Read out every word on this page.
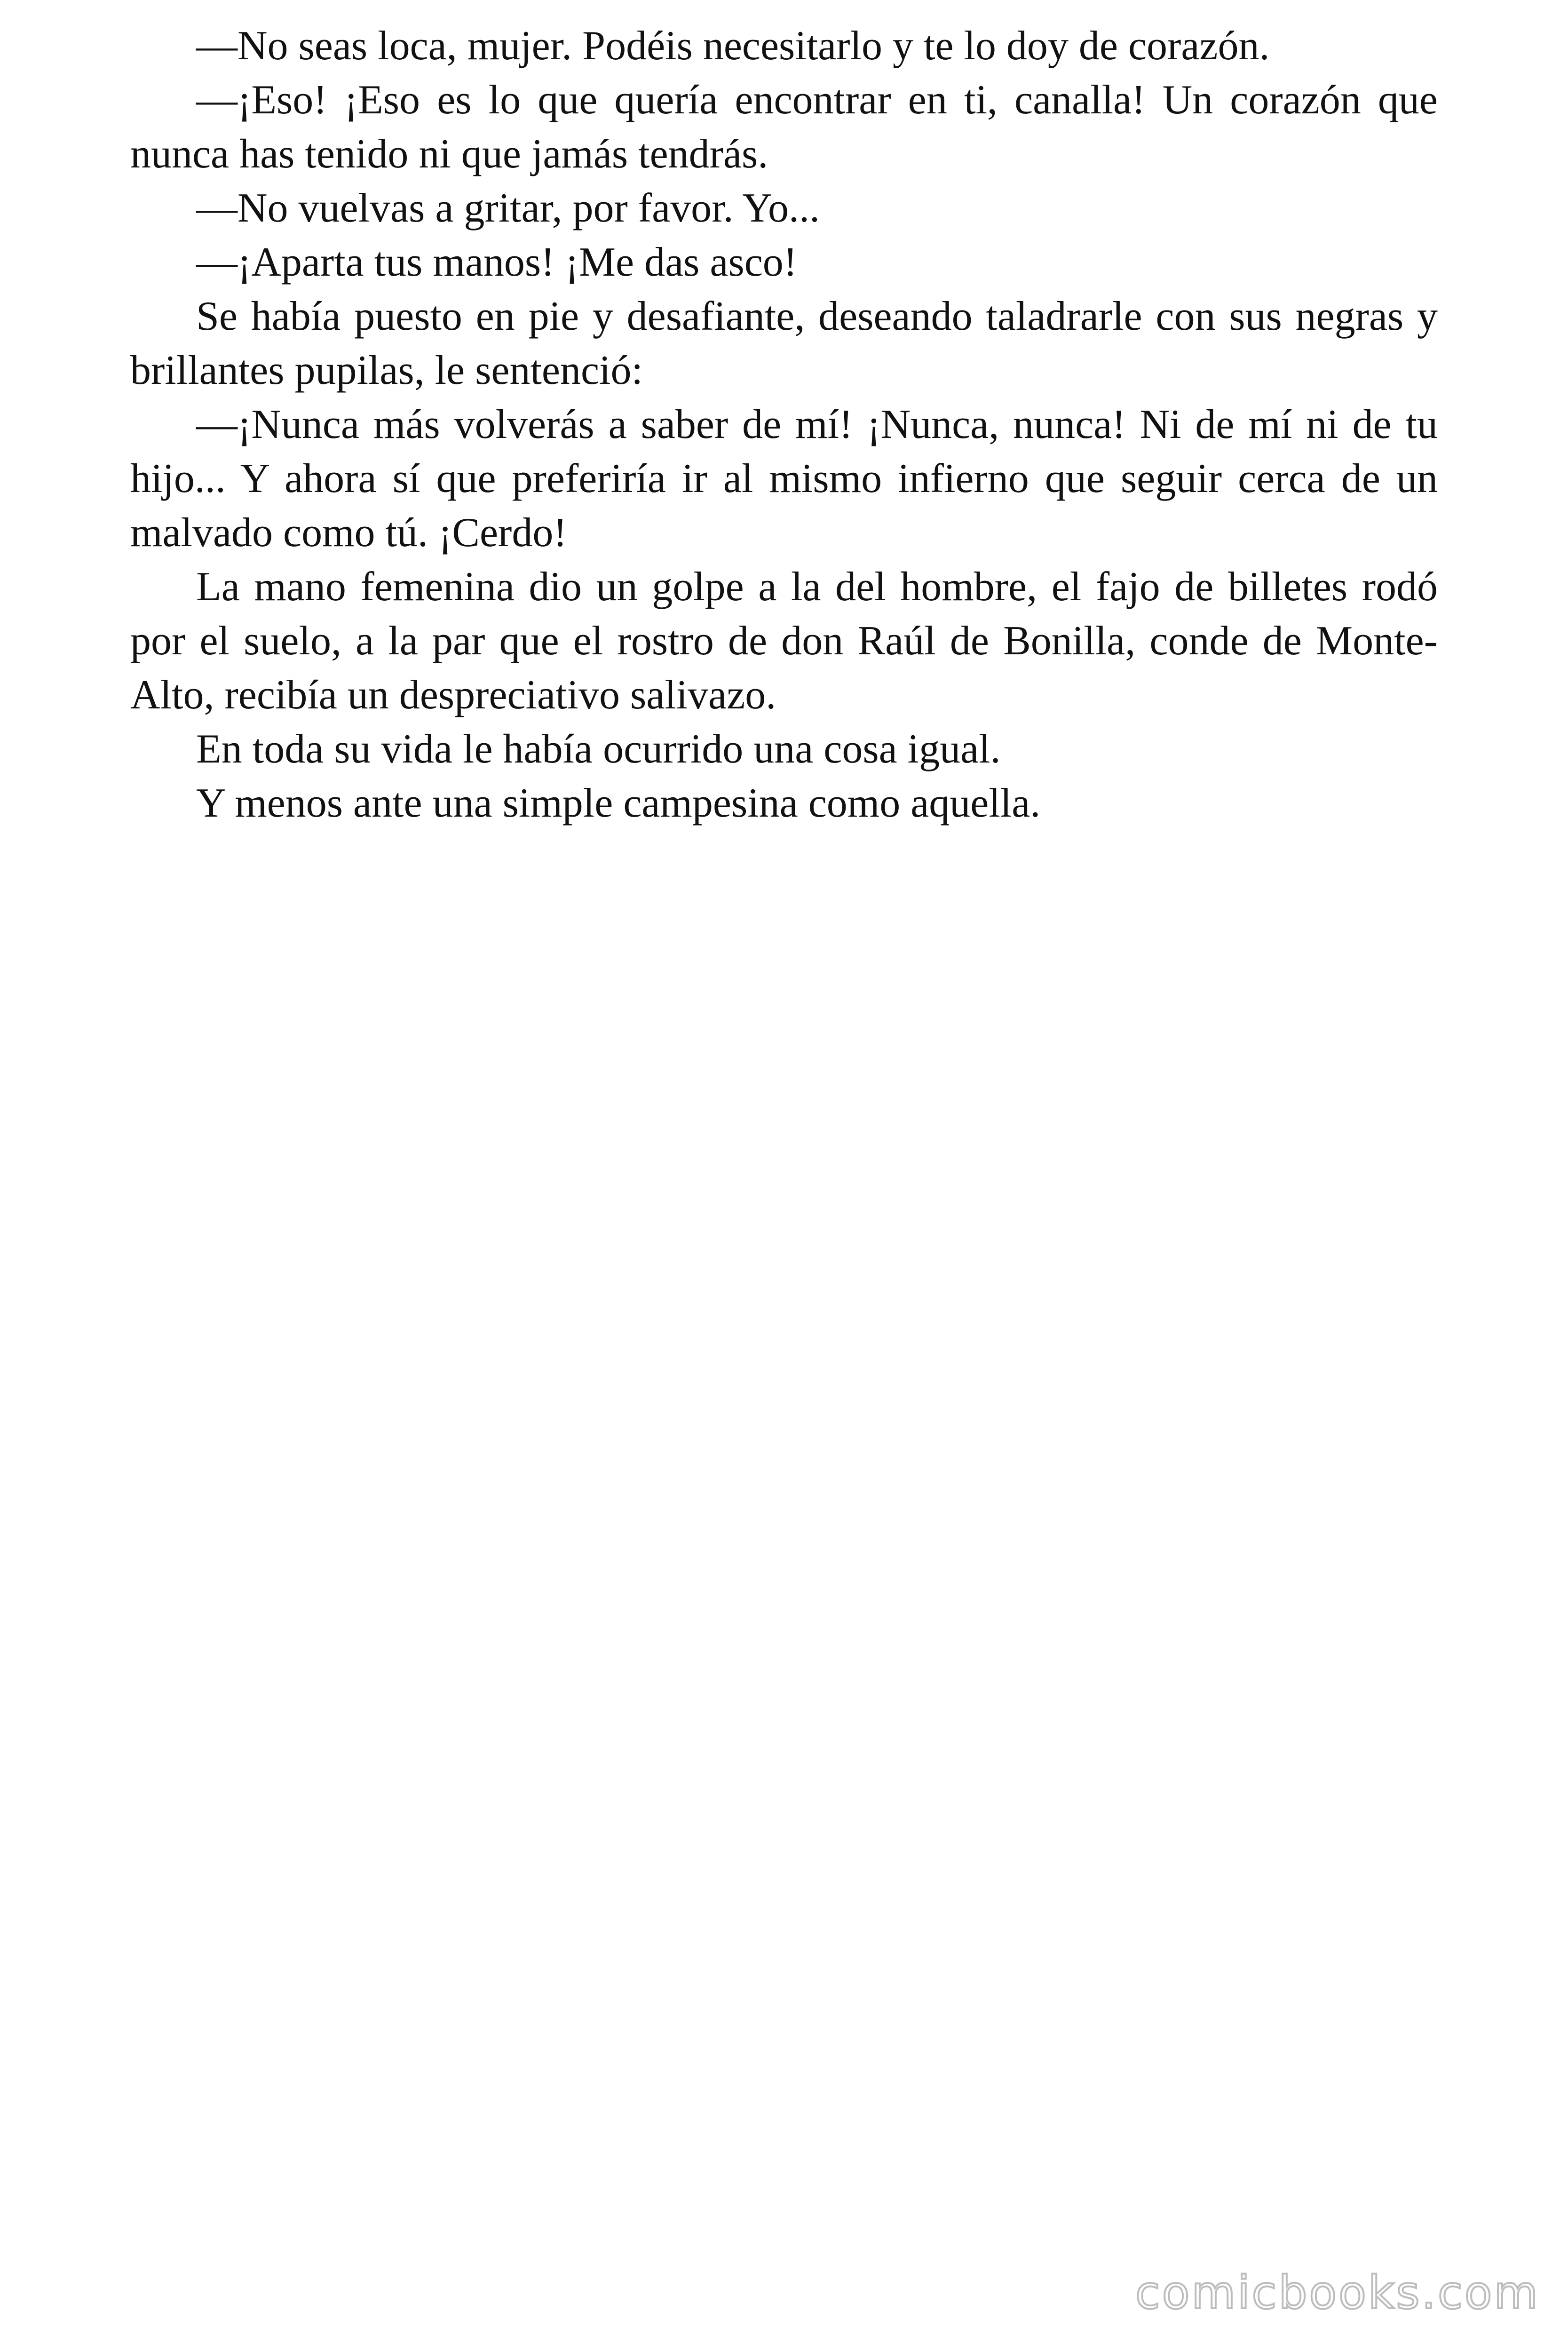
—No seas loca, mujer. Podéis necesitarlo y te lo doy de corazón.

—¡Eso! ¡Eso es lo que quería encontrar en ti, canalla! Un corazón que nunca has tenido ni que jamás tendrás.

—No vuelvas a gritar, por favor. Yo...

—¡Aparta tus manos! ¡Me das asco!

Se había puesto en pie y desafiante, deseando taladrarle con sus negras y brillantes pupilas, le sentenció:

—¡Nunca más volverás a saber de mí! ¡Nunca, nunca! Ni de mí ni de tu hijo... Y ahora sí que preferiría ir al mismo infierno que seguir cerca de un malvado como tú. ¡Cerdo!

La mano femenina dio un golpe a la del hombre, el fajo de billetes rodó por el suelo, a la par que el rostro de don Raúl de Bonilla, conde de Monte-Alto, recibía un despreciativo salivazo.

En toda su vida le había ocurrido una cosa igual.

Y menos ante una simple campesina como aquella.

comicbooks.com
